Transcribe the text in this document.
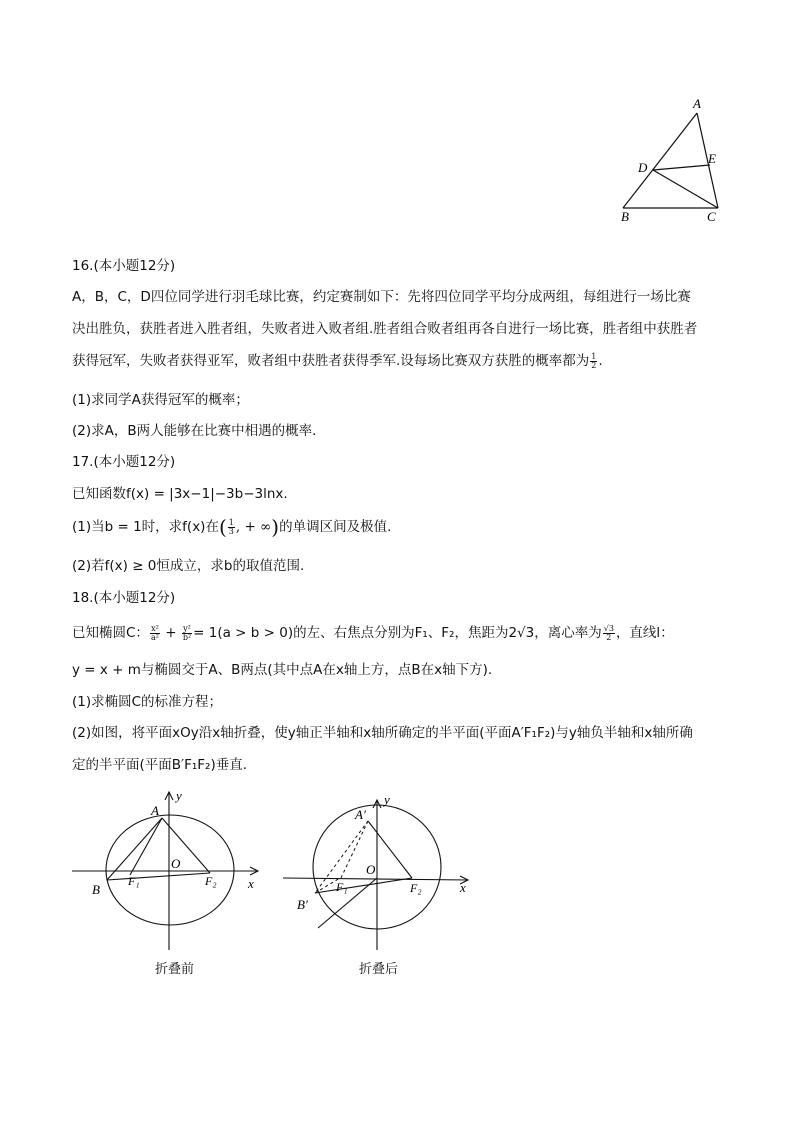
A
D
E
B	C
16.(本小题12分)
A，B，C，D四位同学进行羽毛球比赛，约定赛制如下：先将四位同学平均分成两组，每组进行一场比赛
决出胜负，获胜者进入胜者组，失败者进入败者组.胜者组合败者组再各自进行一场比赛，胜者组中获胜者
获得冠军，失败者获得亚军，败者组中获胜者获得季军.设每场比赛双方获胜的概率都为 $\frac{1}{2}$ .
(1)求同学A获得冠军的概率；
(2)求A，B两人能够在比赛中相遇的概率.
17.(本小题12分)
已知函数f(x) = |3x−1|−3b−3lnx.
(1)当b = 1时，求f(x)在( $\frac{1}{3}$ , + ∞)的单调区间及极值.
(2)若f(x) ≥ 0恒成立，求b的取值范围.
18.(本小题12分)
已知椭圆C： $\frac{\text{x²}}{\text{a²}} + \frac{\text{y²}}{\text{b²}} = 1(a > b > 0)$的左、右焦点分别为F₁、F₂，焦距为2√3，离心率为 $\frac{√3}{2}$ ，直线l：
y = x + m与椭圆交于A、B两点(其中点A在x轴上方，点B在x轴下方).
(1)求椭圆C的标准方程；
(2)如图，将平面xOy沿x轴折叠，使y轴正半轴和x轴所确定的半平面(平面A′F₁F₂)与y轴负半轴和x轴所确
定的半平面(平面B′F₁F₂)垂直.
A
y
O
B
F₁	F₂ x
折叠前
A′
y
O
B′
F₁	F₂	x
折叠后
